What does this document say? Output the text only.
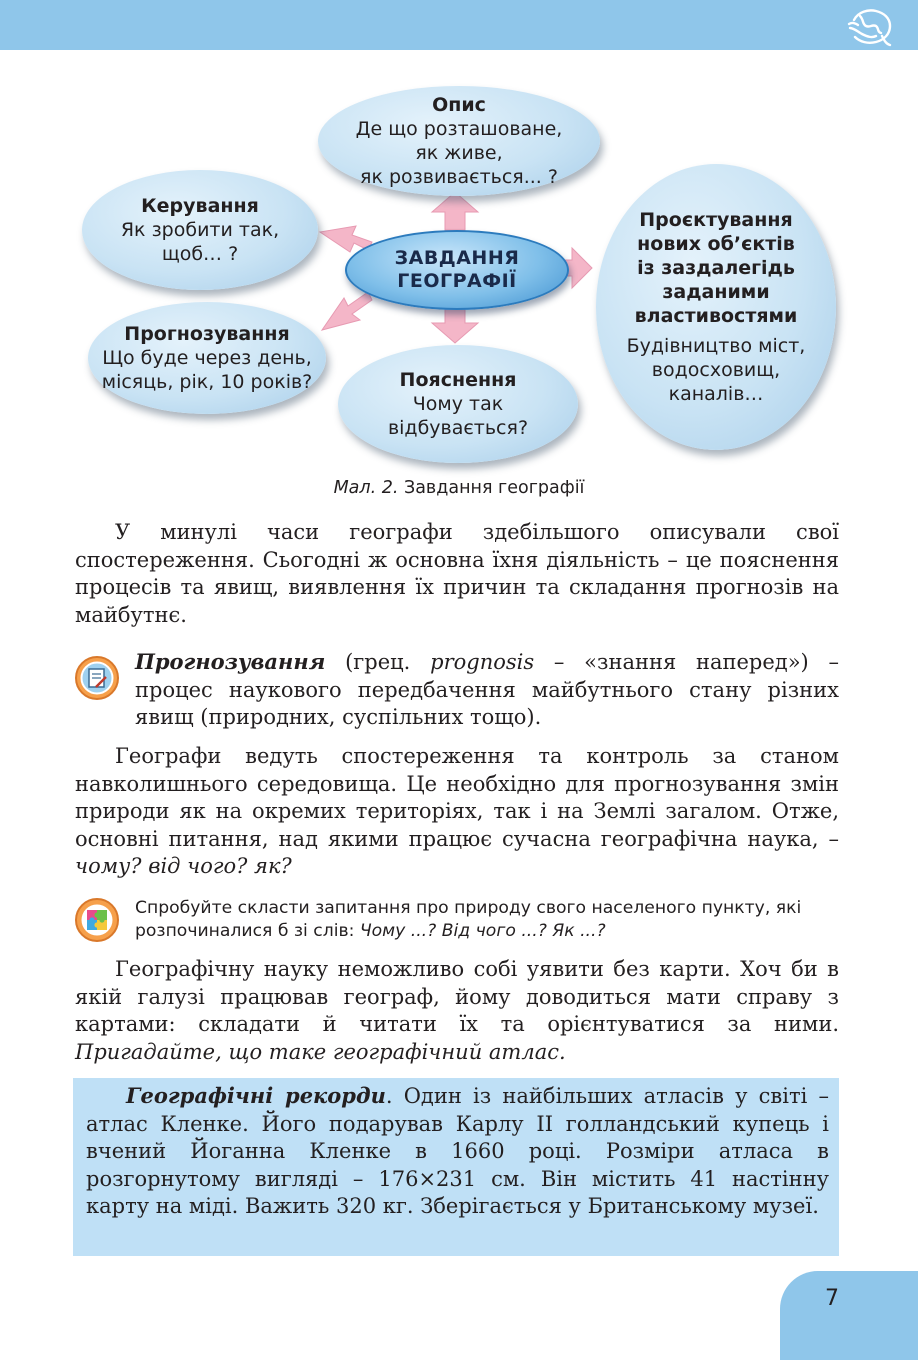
Опис
Де що розташоване,
як живе,
як розвивається... ?
Керування
Як зробити так,
щоб… ?
Прогнозування
Що буде через день,
місяць, рік, 10 років?	Пояснення
Чому так
відбувається?
Проєктування
нових об’єктів
із заздалегідь
заданими
властивостями
Будівництво міст,
водосховищ,
каналів…
ЗАВДАННЯ
ГЕОГРАФІЇ
Мал. 2. Завдання географії
У минулі часи географи здебільшого описували свої спостереження. Сьогодні ж основна їхня діяльність – це пояснення процесів та явищ, виявлення їх причин та складання прогнозів на майбутнє.
Прогнозування (грец. prognosis – «знання наперед») – процес наукового передбачення майбутнього стану різних явищ (природних, суспільних тощо).
Географи ведуть спостереження та контроль за станом навколишнього середовища. Це необхідно для прогнозування змін природи як на окремих територіях, так і на Землі загалом. Отже, основні питання, над якими працює сучасна географічна наука, – чому? від чого? як?
Спробуйте скласти запитання про природу свого населеного пункту, які розпочиналися б зі слів: Чому ...? Від чого ...? Як ...?
Географічну науку неможливо собі уявити без карти. Хоч би в якій галузі працював географ, йому доводиться мати справу з картами: складати й читати їх та орієнтуватися за ними. Пригадайте, що таке географічний атлас.
Географічні рекорди. Один із найбільших атласів у світі – атлас Кленке. Його подарував Карлу II голландський купець і вчений Йоганна Кленке в 1660 році. Розміри атласа в розгорнутому вигляді – 176×231 см. Він містить 41 настінну карту на міді. Важить 320 кг. Зберігається у Британському музеї.
7
